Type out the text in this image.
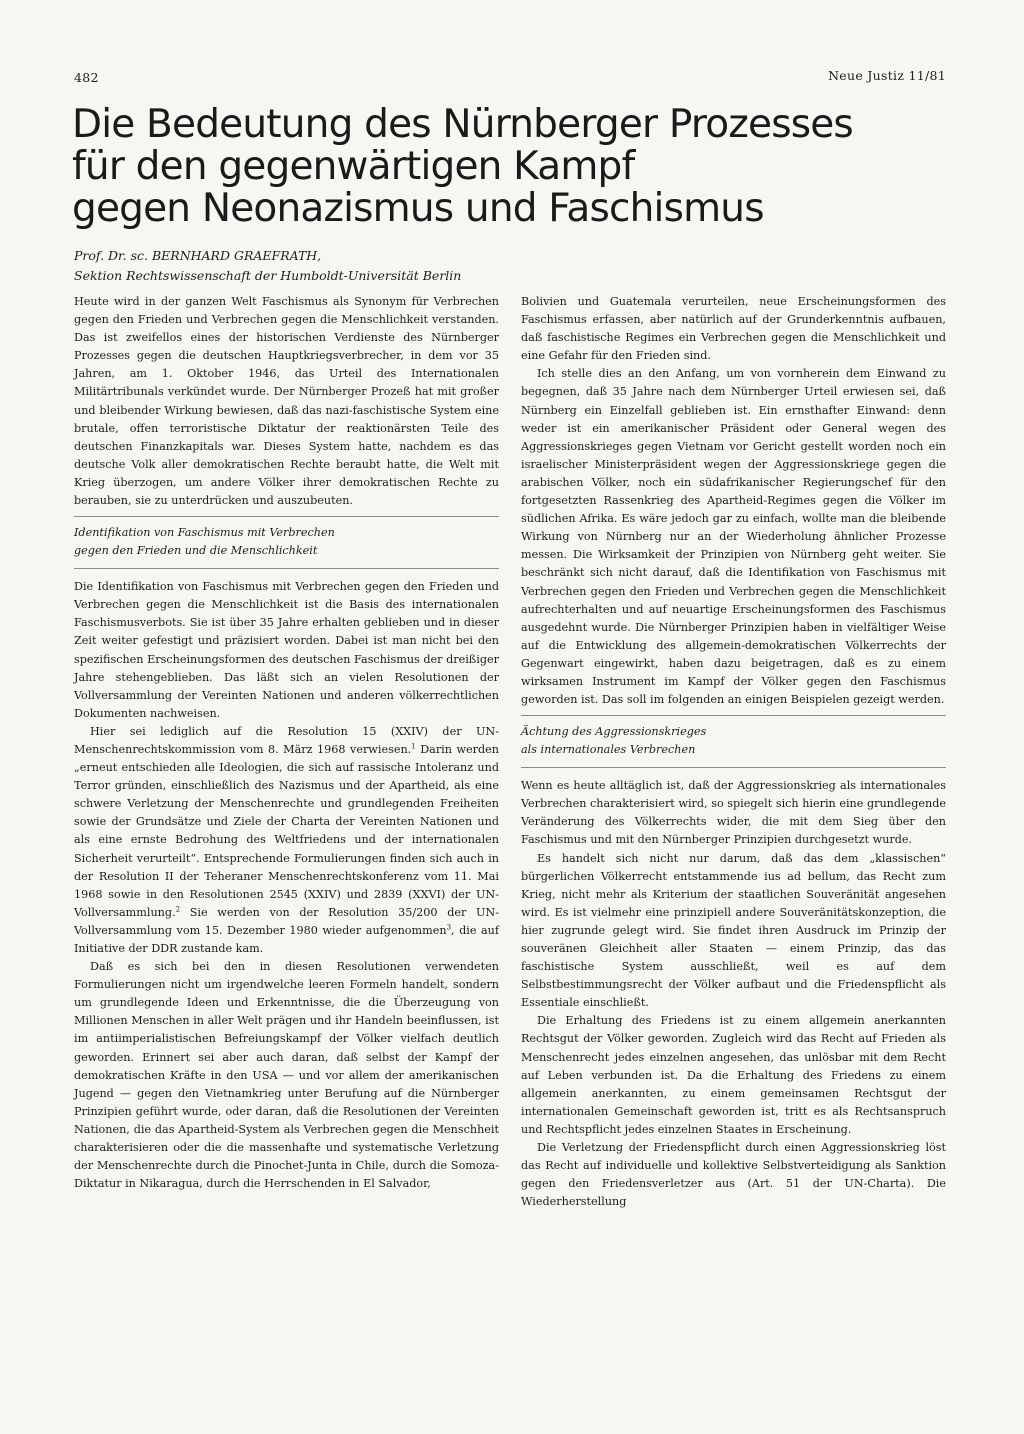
482	Neue Justiz 11/81
Die Bedeutung des Nürnberger Prozesses
für den gegenwärtigen Kampf
gegen Neonazismus und Faschismus
Prof. Dr. sc. BERNHARD GRAEFRATH,
Sektion Rechtswissenschaft der Humboldt-Universität Berlin

Heute wird in der ganzen Welt Faschismus als Synonym für Verbrechen gegen den Frieden und Verbrechen gegen die Menschlichkeit verstanden. Das ist zweifellos eines der historischen Verdienste des Nürnberger Prozesses gegen die deutschen Hauptkriegsverbrecher, in dem vor 35 Jahren, am 1. Oktober 1946, das Urteil des Internationalen Militärtribunals verkündet wurde. Der Nürnberger Prozeß hat mit großer und bleibender Wirkung bewiesen, daß das nazi-faschistische System eine brutale, offen terroristische Diktatur der reaktionärsten Teile des deutschen Finanzkapitals war. Dieses System hatte, nachdem es das deutsche Volk aller demokratischen Rechte beraubt hatte, die Welt mit Krieg überzogen, um andere Völker ihrer demokratischen Rechte zu berauben, sie zu unterdrücken und auszubeuten.

Identifikation von Faschismus mit Verbrechen
gegen den Frieden und die Menschlichkeit

Die Identifikation von Faschismus mit Verbrechen gegen den Frieden und Verbrechen gegen die Menschlichkeit ist die Basis des internationalen Faschismusverbots. Sie ist über 35 Jahre erhalten geblieben und in dieser Zeit weiter gefestigt und präzisiert worden. Dabei ist man nicht bei den spezifischen Erscheinungsformen des deutschen Faschismus der dreißiger Jahre stehengeblieben. Das läßt sich an vielen Resolutionen der Vollversammlung der Vereinten Nationen und anderen völkerrechtlichen Dokumenten nachweisen.

Hier sei lediglich auf die Resolution 15 (XXIV) der UN-Menschenrechtskommission vom 8. März 1968 verwiesen.$^1$ Darin werden „erneut entschieden alle Ideologien, die sich auf rassische Intoleranz und Terror gründen, einschließlich des Nazismus und der Apartheid, als eine schwere Verletzung der Menschenrechte und grundlegenden Freiheiten sowie der Grundsätze und Ziele der Charta der Vereinten Nationen und als eine ernste Bedrohung des Weltfriedens und der internationalen Sicherheit verurteilt“. Entsprechende Formulierungen finden sich auch in der Resolution II der Teheraner Menschenrechtskonferenz vom 11. Mai 1968 sowie in den Resolutionen 2545 (XXIV) und 2839 (XXVI) der UN-Vollversammlung.$^2$ Sie werden von der Resolution 35/200 der UN-Vollversammlung vom 15. Dezember 1980 wieder aufgenommen$^3$, die auf Initiative der DDR zustande kam.

Daß es sich bei den in diesen Resolutionen verwendeten Formulierungen nicht um irgendwelche leeren Formeln handelt, sondern um grundlegende Ideen und Erkenntnisse, die die Überzeugung von Millionen Menschen in aller Welt prägen und ihr Handeln beeinflussen, ist im antiimperialistischen Befreiungskampf der Völker vielfach deutlich geworden. Erinnert sei aber auch daran, daß selbst der Kampf der demokratischen Kräfte in den USA — und vor allem der amerikanischen Jugend — gegen den Vietnamkrieg unter Berufung auf die Nürnberger Prinzipien geführt wurde, oder daran, daß die Resolutionen der Vereinten Nationen, die das Apartheid-System als Verbrechen gegen die Menschheit charakterisieren oder die die massenhafte und systematische Verletzung der Menschenrechte durch die Pinochet-Junta in Chile, durch die Somoza-Diktatur in Nikaragua, durch die Herrschenden in El Salvador,

Bolivien und Guatemala verurteilen, neue Erscheinungsformen des Faschismus erfassen, aber natürlich auf der Grunderkenntnis aufbauen, daß faschistische Regimes ein Verbrechen gegen die Menschlichkeit und eine Gefahr für den Frieden sind.

Ich stelle dies an den Anfang, um von vornherein dem Einwand zu begegnen, daß 35 Jahre nach dem Nürnberger Urteil erwiesen sei, daß Nürnberg ein Einzelfall geblieben ist. Ein ernsthafter Einwand: denn weder ist ein amerikanischer Präsident oder General wegen des Aggressionskrieges gegen Vietnam vor Gericht gestellt worden noch ein israelischer Ministerpräsident wegen der Aggressionskriege gegen die arabischen Völker, noch ein südafrikanischer Regierungschef für den fortgesetzten Rassenkrieg des Apartheid-Regimes gegen die Völker im südlichen Afrika. Es wäre jedoch gar zu einfach, wollte man die bleibende Wirkung von Nürnberg nur an der Wiederholung ähnlicher Prozesse messen. Die Wirksamkeit der Prinzipien von Nürnberg geht weiter. Sie beschränkt sich nicht darauf, daß die Identifikation von Faschismus mit Verbrechen gegen den Frieden und Verbrechen gegen die Menschlichkeit aufrechterhalten und auf neuartige Erscheinungsformen des Faschismus ausgedehnt wurde. Die Nürnberger Prinzipien haben in vielfältiger Weise auf die Entwicklung des allgemein-demokratischen Völkerrechts der Gegenwart eingewirkt, haben dazu beigetragen, daß es zu einem wirksamen Instrument im Kampf der Völker gegen den Faschismus geworden ist. Das soll im folgenden an einigen Beispielen gezeigt werden.

Ächtung des Aggressionskrieges
als internationales Verbrechen

Wenn es heute alltäglich ist, daß der Aggressionskrieg als internationales Verbrechen charakterisiert wird, so spiegelt sich hierin eine grundlegende Veränderung des Völkerrechts wider, die mit dem Sieg über den Faschismus und mit den Nürnberger Prinzipien durchgesetzt wurde.

Es handelt sich nicht nur darum, daß das dem „klassischen“ bürgerlichen Völkerrecht entstammende ius ad bellum, das Recht zum Krieg, nicht mehr als Kriterium der staatlichen Souveränität angesehen wird. Es ist vielmehr eine prinzipiell andere Souveränitätskonzeption, die hier zugrunde gelegt wird. Sie findet ihren Ausdruck im Prinzip der souveränen Gleichheit aller Staaten — einem Prinzip, das das faschistische System ausschließt, weil es auf dem Selbstbestimmungsrecht der Völker aufbaut und die Friedenspflicht als Essentiale einschließt.

Die Erhaltung des Friedens ist zu einem allgemein anerkannten Rechtsgut der Völker geworden. Zugleich wird das Recht auf Frieden als Menschenrecht jedes einzelnen angesehen, das unlösbar mit dem Recht auf Leben verbunden ist. Da die Erhaltung des Friedens zu einem allgemein anerkannten, zu einem gemeinsamen Rechtsgut der internationalen Gemeinschaft geworden ist, tritt es als Rechtsanspruch und Rechtspflicht jedes einzelnen Staates in Erscheinung.

Die Verletzung der Friedenspflicht durch einen Aggressionskrieg löst das Recht auf individuelle und kollektive Selbstverteidigung als Sanktion gegen den Friedensverletzer aus (Art. 51 der UN-Charta). Die Wiederherstellung
